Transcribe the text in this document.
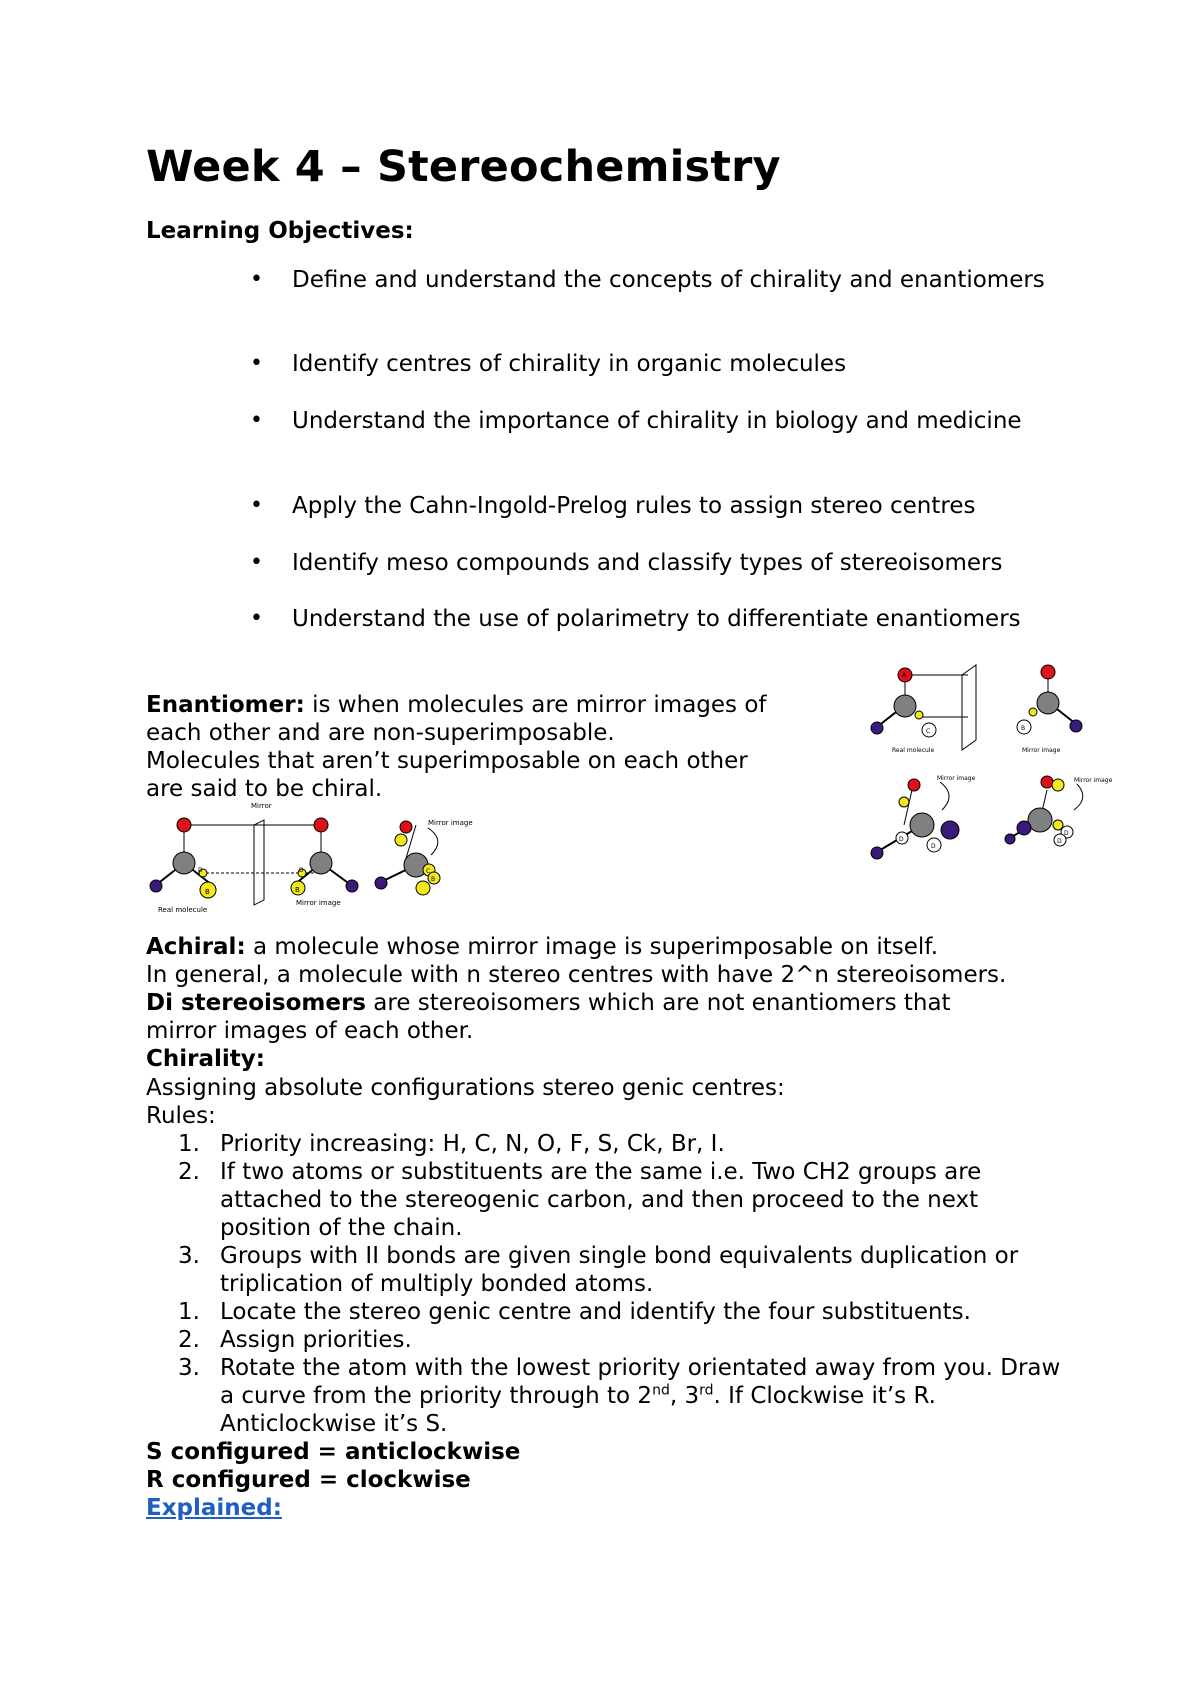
Week 4 – Stereochemistry
Learning Objectives:
• Define and understand the concepts of chirality and enantiomers
• Identify centres of chirality in organic molecules
• Understand the importance of chirality in biology and medicine
• Apply the Cahn-Ingold-Prelog rules to assign stereo centres
• Identify meso compounds and classify types of stereoisomers
• Understand the use of polarimetry to differentiate enantiomers
Enantiomer: is when molecules are mirror images of
each other and are non-superimposable.
Molecules that aren’t superimposable on each other
are said to be chiral.
Mirror
B
D
Real molecule
B
D
Mirror image
B
C
Mirror image
A
C
Real molecule
B
Mirror image
Mirror image
D
D
Mirror image
D
D
Achiral: a molecule whose mirror image is superimposable on itself.
In general, a molecule with n stereo centres with have 2^n stereoisomers.
Di stereoisomers are stereoisomers which are not enantiomers that
mirror images of each other.
Chirality:
Assigning absolute configurations stereo genic centres:
Rules:
1. Priority increasing: H, C, N, O, F, S, Ck, Br, I.
2. If two atoms or substituents are the same i.e. Two CH2 groups are attached to the stereogenic carbon, and then proceed to the next position of the chain.
3. Groups with II bonds are given single bond equivalents duplication or triplication of multiply bonded atoms.
1. Locate the stereo genic centre and identify the four substituents.
2. Assign priorities.
3. Rotate the atom with the lowest priority orientated away from you. Draw a curve from the priority through to 2nd, 3rd. If Clockwise it’s R. Anticlockwise it’s S.
S configured = anticlockwise
R configured = clockwise
Explained:
